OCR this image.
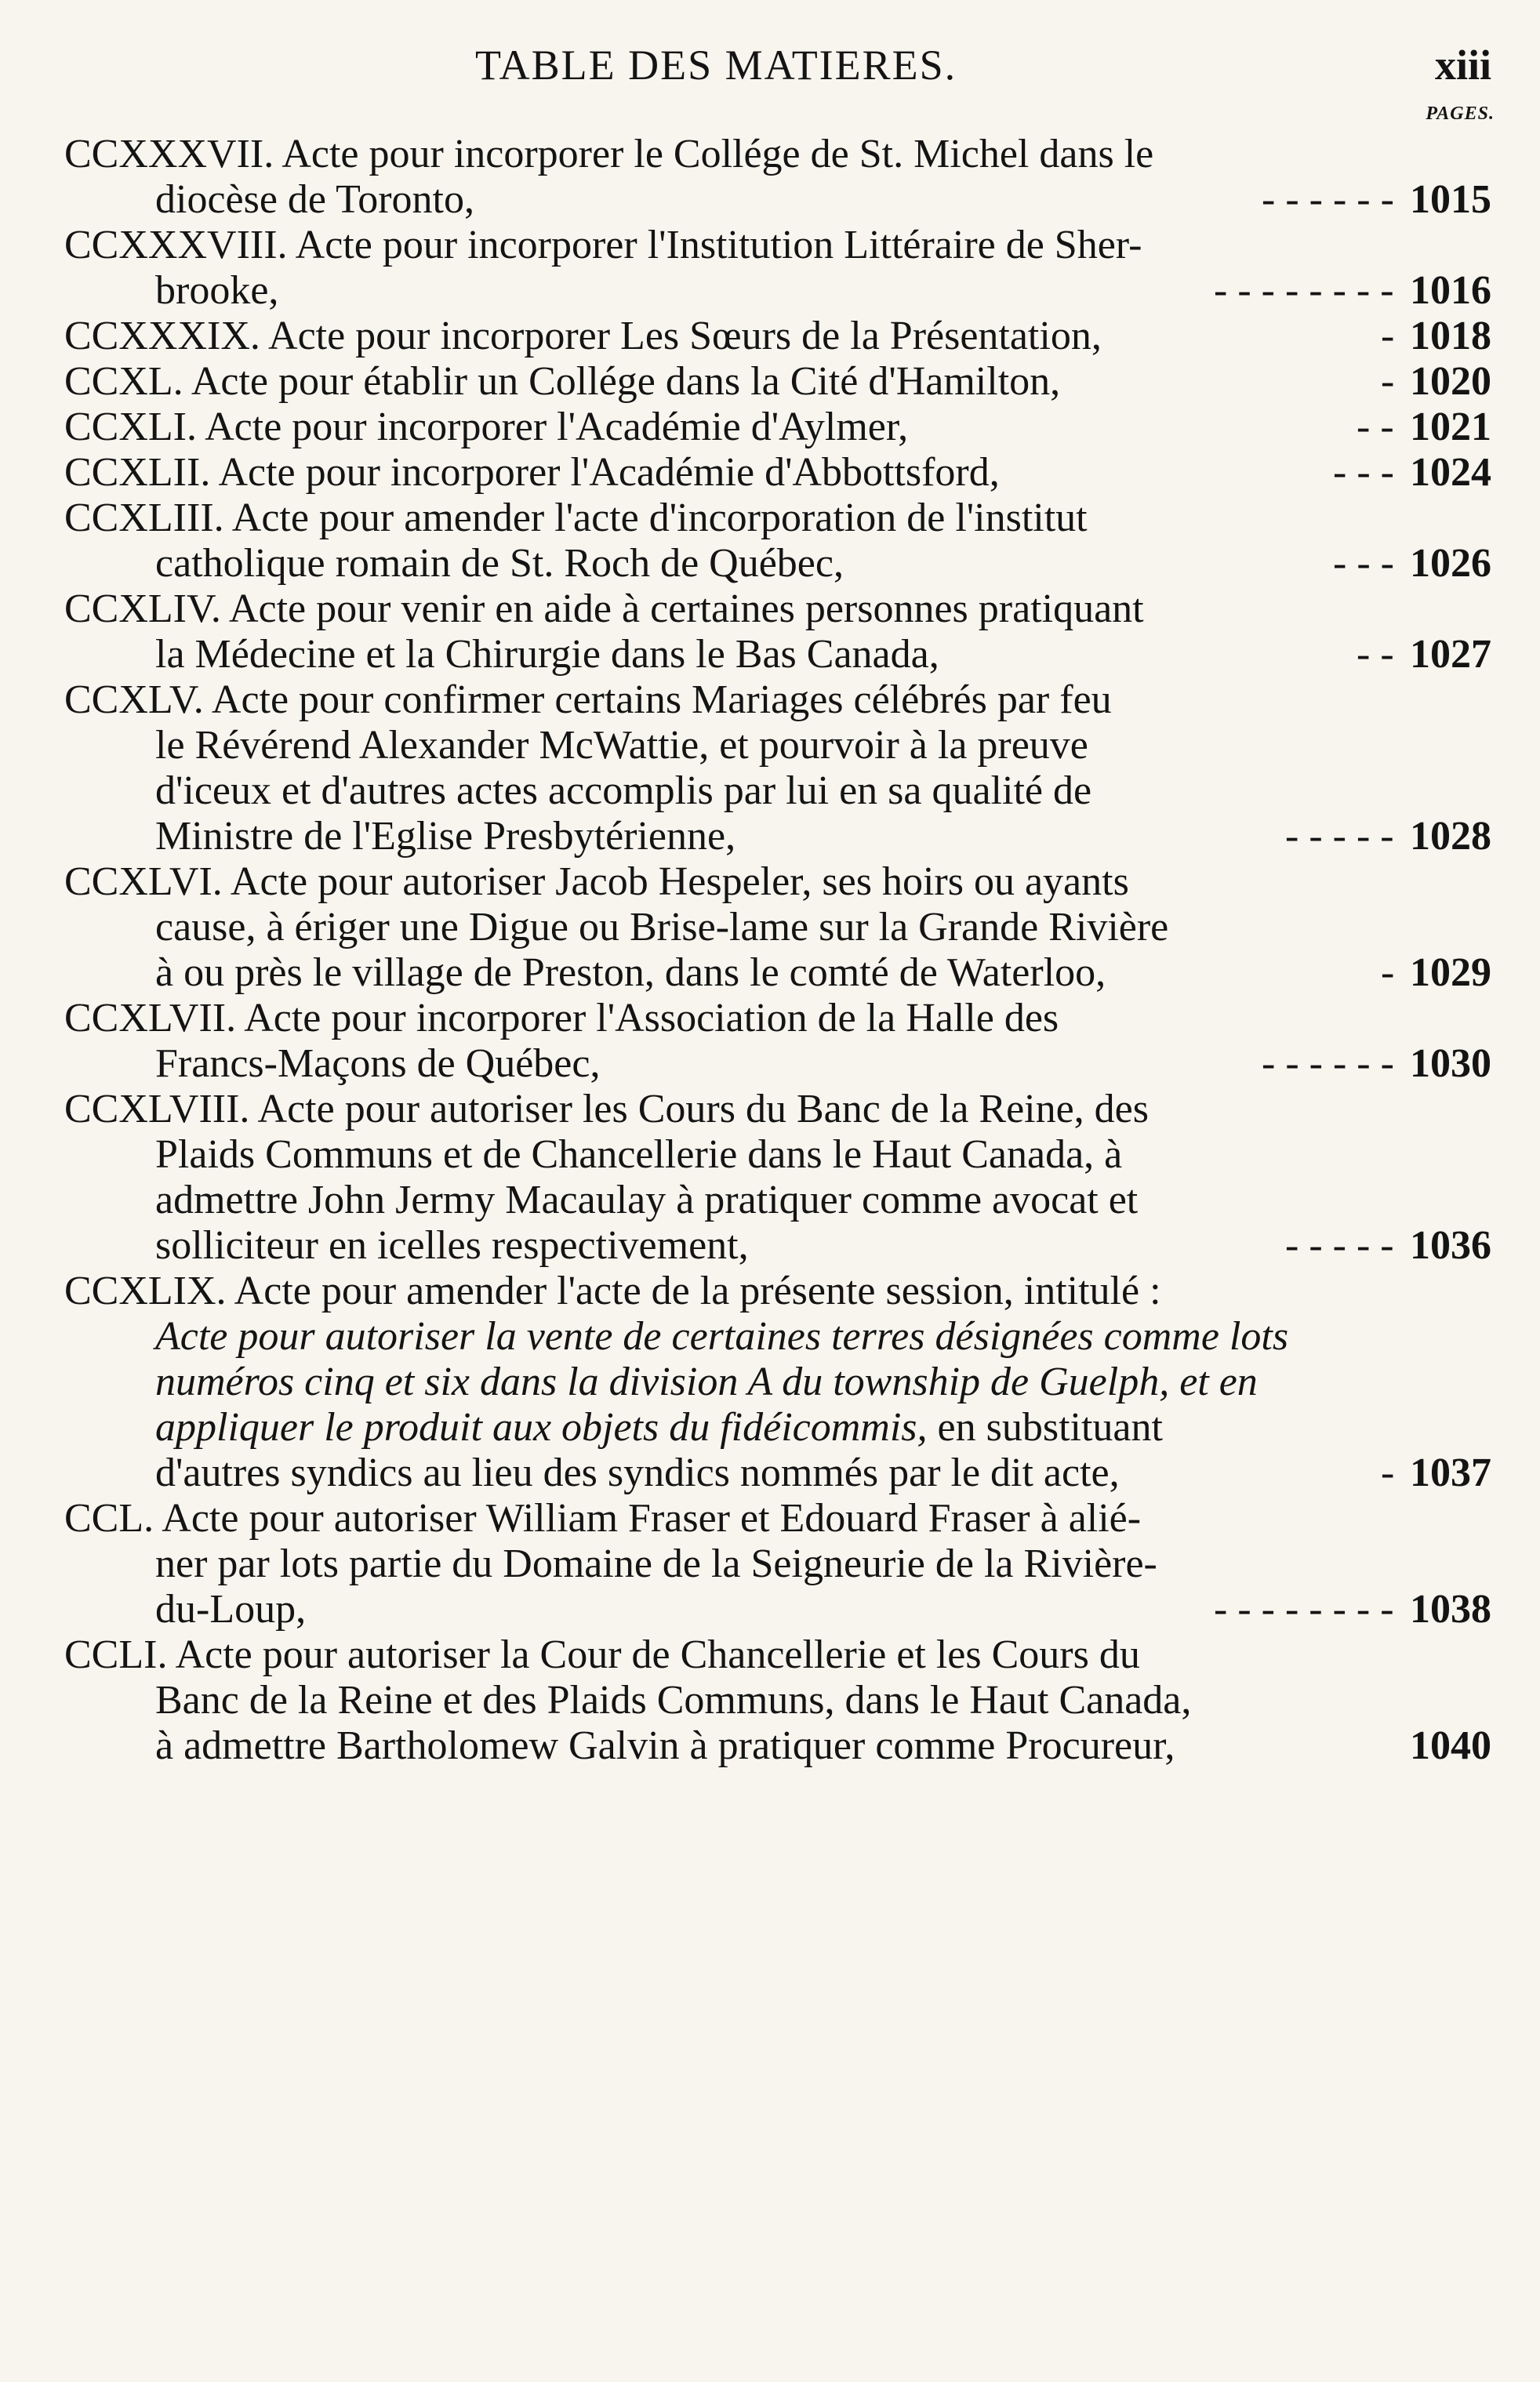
TABLE DES MATIERES.	xiii
PAGES.
CCXXXVII. Acte pour incorporer le Collége de St. Michel dans le
diocèse de Toronto,	- - - - - - 1015
CCXXXVIII. Acte pour incorporer l'Institution Littéraire de Sher-
brooke,	- - - - - - - - 1016
CCXXXIX. Acte pour incorporer Les Sœurs de la Présentation,	- 1018
CCXL. Acte pour établir un Collége dans la Cité d'Hamilton,	- 1020
CCXLI. Acte pour incorporer l'Académie d'Aylmer,	- - 1021
CCXLII. Acte pour incorporer l'Académie d'Abbottsford,	- - - 1024
CCXLIII. Acte pour amender l'acte d'incorporation de l'institut
catholique romain de St. Roch de Québec,	- - - 1026
CCXLIV. Acte pour venir en aide à certaines personnes pratiquant
la Médecine et la Chirurgie dans le Bas Canada,	- - 1027
CCXLV. Acte pour confirmer certains Mariages célébrés par feu
le Révérend Alexander McWattie, et pourvoir à la preuve
d'iceux et d'autres actes accomplis par lui en sa qualité de
Ministre de l'Eglise Presbytérienne,	- - - - - 1028
CCXLVI. Acte pour autoriser Jacob Hespeler, ses hoirs ou ayants
cause, à ériger une Digue ou Brise-lame sur la Grande Rivière
à ou près le village de Preston, dans le comté de Waterloo,	- 1029
CCXLVII. Acte pour incorporer l'Association de la Halle des
Francs-Maçons de Québec,	- - - - - - 1030
CCXLVIII. Acte pour autoriser les Cours du Banc de la Reine, des
Plaids Communs et de Chancellerie dans le Haut Canada, à
admettre John Jermy Macaulay à pratiquer comme avocat et
solliciteur en icelles respectivement,	- - - - - 1036
CCXLIX. Acte pour amender l'acte de la présente session, intitulé :
Acte pour autoriser la vente de certaines terres désignées comme lots
numéros cinq et six dans la division A du township de Guelph, et en
appliquer le produit aux objets du fidéicommis, en substituant
d'autres syndics au lieu des syndics nommés par le dit acte,	- 1037
CCL. Acte pour autoriser William Fraser et Edouard Fraser à alié-
ner par lots partie du Domaine de la Seigneurie de la Rivière-
du-Loup,	- - - - - - - - 1038
CCLI. Acte pour autoriser la Cour de Chancellerie et les Cours du
Banc de la Reine et des Plaids Communs, dans le Haut Canada,
à admettre Bartholomew Galvin à pratiquer comme Procureur,	1040
